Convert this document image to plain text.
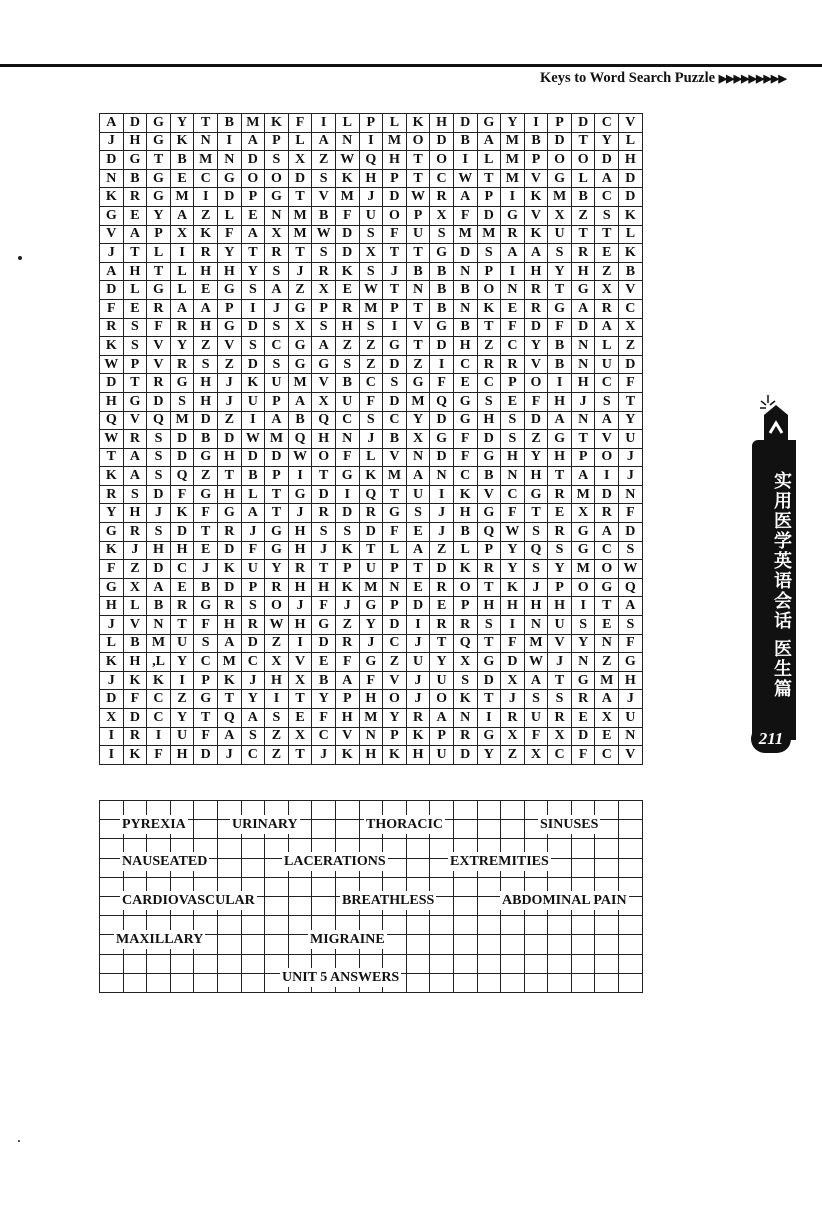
Keys to Word Search Puzzle ▶▶▶▶▶▶▶▶▶
A	D	G	Y	T	B	M	K	F	I	L	P	L	K	H	D	G	Y	I	P	D	C	V
J	H	G	K	N	I	A	P	L	A	N	I	M	O	D	B	A	M	B	D	T	Y	L
D	G	T	B	M	N	D	S	X	Z	W	Q	H	T	O	I	L	M	P	O	O	D	H
N	B	G	E	C	G	O	O	D	S	K	H	P	T	C	W	T	M	V	G	L	A	D
K	R	G	M	I	D	P	G	T	V	M	J	D	W	R	A	P	I	K	M	B	C	D
G	E	Y	A	Z	L	E	N	M	B	F	U	O	P	X	F	D	G	V	X	Z	S	K
V	A	P	X	K	F	A	X	M	W	D	S	F	U	S	M	M	R	K	U	T	T	L
J	T	L	I	R	Y	T	R	T	S	D	X	T	T	G	D	S	A	A	S	R	E	K
A	H	T	L	H	H	Y	S	J	R	K	S	J	B	B	N	P	I	H	Y	H	Z	B
D	L	G	L	E	G	S	A	Z	X	E	W	T	N	B	B	O	N	R	T	G	X	V
F	E	R	A	A	P	I	J	G	P	R	M	P	T	B	N	K	E	R	G	A	R	C
R	S	F	R	H	G	D	S	X	S	H	S	I	V	G	B	T	F	D	F	D	A	X
K	S	V	Y	Z	V	S	C	G	A	Z	Z	G	T	D	H	Z	C	Y	B	N	L	Z
W	P	V	R	S	Z	D	S	G	G	S	Z	D	Z	I	C	R	R	V	B	N	U	D
D	T	R	G	H	J	K	U	M	V	B	C	S	G	F	E	C	P	O	I	H	C	F
H	G	D	S	H	J	U	P	A	X	U	F	D	M	Q	G	S	E	F	H	J	S	T
Q	V	Q	M	D	Z	I	A	B	Q	C	S	C	Y	D	G	H	S	D	A	N	A	Y
W	R	S	D	B	D	W	M	Q	H	N	J	B	X	G	F	D	S	Z	G	T	V	U
T	A	S	D	G	H	D	D	W	O	F	L	V	N	D	F	G	H	Y	H	P	O	J
K	A	S	Q	Z	T	B	P	I	T	G	K	M	A	N	C	B	N	H	T	A	I	J
R	S	D	F	G	H	L	T	G	D	I	Q	T	U	I	K	V	C	G	R	M	D	N
Y	H	J	K	F	G	A	T	J	R	D	R	G	S	J	H	G	F	T	E	X	R	F
G	R	S	D	T	R	J	G	H	S	S	D	F	E	J	B	Q	W	S	R	G	A	D
K	J	H	H	E	D	F	G	H	J	K	T	L	A	Z	L	P	Y	Q	S	G	C	S
F	Z	D	C	J	K	U	Y	R	T	P	U	P	T	D	K	R	Y	S	Y	M	O	W
G	X	A	E	B	D	P	R	H	H	K	M	N	E	R	O	T	K	J	P	O	G	Q
H	L	B	R	G	R	S	O	J	F	J	G	P	D	E	P	H	H	H	H	I	T	A
J	V	N	T	F	H	R	W	H	G	Z	Y	D	I	R	R	S	I	N	U	S	E	S
L	B	M	U	S	A	D	Z	I	D	R	J	C	J	T	Q	T	F	M	V	Y	N	F
K	H	,L	Y	C	M	C	X	V	E	F	G	Z	U	Y	X	G	D	W	J	N	Z	G
J	K	K	I	P	K	J	H	X	B	A	F	V	J	U	S	D	X	A	T	G	M	H
D	F	C	Z	G	T	Y	I	T	Y	P	H	O	J	O	K	T	J	S	S	R	A	J
X	D	C	Y	T	Q	A	S	E	F	H	M	Y	R	A	N	I	R	U	R	E	X	U
I	R	I	U	F	A	S	Z	X	C	V	N	P	K	P	R	G	X	F	X	D	E	N
I	K	F	H	D	J	C	Z	T	J	K	H	K	H	U	D	Y	Z	X	C	F	C	V

PYREXIA	URINARY	THORACIC	SINUSES
NAUSEATED	LACERATIONS	EXTREMITIES
CARDIOVASCULAR	BREATHLESS	ABDOMINAL PAIN
MAXILLARY	MIGRAINE
UNIT 5 ANSWERS
实用医学英语会话 医生篇
211
